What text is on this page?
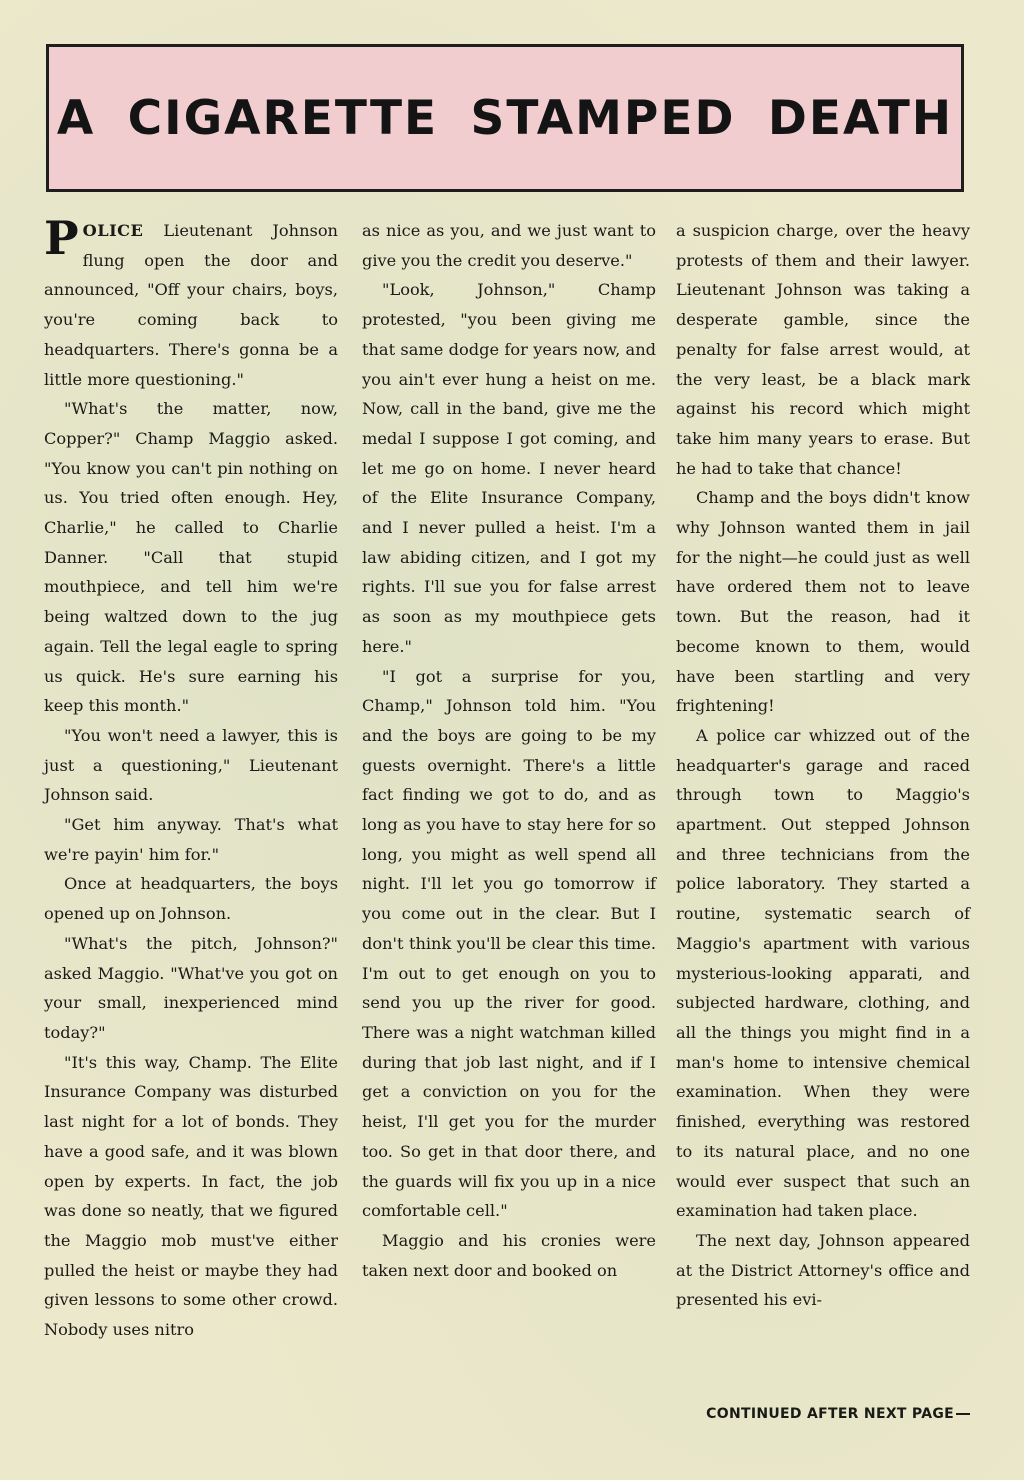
A CIGARETTE STAMPED DEATH

POLICE Lieutenant Johnson flung open the door and announced, "Off your chairs, boys, you're coming back to headquarters. There's gonna be a little more questioning."

"What's the matter, now, Copper?" Champ Maggio asked. "You know you can't pin nothing on us. You tried often enough. Hey, Charlie," he called to Charlie Danner. "Call that stupid mouthpiece, and tell him we're being waltzed down to the jug again. Tell the legal eagle to spring us quick. He's sure earning his keep this month."

"You won't need a lawyer, this is just a questioning," Lieutenant Johnson said.

"Get him anyway. That's what we're payin' him for."

Once at headquarters, the boys opened up on Johnson.

"What's the pitch, Johnson?" asked Maggio. "What've you got on your small, inexperienced mind today?"

"It's this way, Champ. The Elite Insurance Company was disturbed last night for a lot of bonds. They have a good safe, and it was blown open by experts. In fact, the job was done so neatly, that we figured the Maggio mob must've either pulled the heist or maybe they had given lessons to some other crowd. Nobody uses nitro

as nice as you, and we just want to give you the credit you deserve."

"Look, Johnson," Champ protested, "you been giving me that same dodge for years now, and you ain't ever hung a heist on me. Now, call in the band, give me the medal I suppose I got coming, and let me go on home. I never heard of the Elite Insurance Company, and I never pulled a heist. I'm a law abiding citizen, and I got my rights. I'll sue you for false arrest as soon as my mouthpiece gets here."

"I got a surprise for you, Champ," Johnson told him. "You and the boys are going to be my guests overnight. There's a little fact finding we got to do, and as long as you have to stay here for so long, you might as well spend all night. I'll let you go tomorrow if you come out in the clear. But I don't think you'll be clear this time. I'm out to get enough on you to send you up the river for good. There was a night watchman killed during that job last night, and if I get a conviction on you for the heist, I'll get you for the murder too. So get in that door there, and the guards will fix you up in a nice comfortable cell."

Maggio and his cronies were taken next door and booked on

a suspicion charge, over the heavy protests of them and their lawyer. Lieutenant Johnson was taking a desperate gamble, since the penalty for false arrest would, at the very least, be a black mark against his record which might take him many years to erase. But he had to take that chance!

Champ and the boys didn't know why Johnson wanted them in jail for the night—he could just as well have ordered them not to leave town. But the reason, had it become known to them, would have been startling and very frightening!

A police car whizzed out of the headquarter's garage and raced through town to Maggio's apartment. Out stepped Johnson and three technicians from the police laboratory. They started a routine, systematic search of Maggio's apartment with various mysterious-looking apparati, and subjected hardware, clothing, and all the things you might find in a man's home to intensive chemical examination. When they were finished, everything was restored to its natural place, and no one would ever suspect that such an examination had taken place.

The next day, Johnson appeared at the District Attorney's office and presented his evi-

CONTINUED AFTER NEXT PAGE
